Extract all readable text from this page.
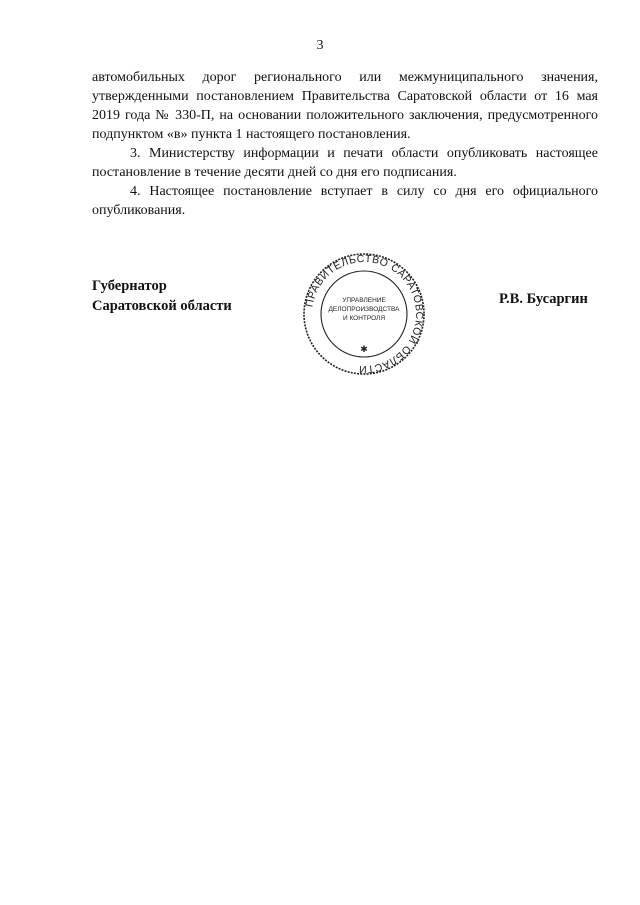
3

автомобильных дорог регионального или межмуниципального значения, утвержденными постановлением Правительства Саратовской области от 16 мая 2019 года № 330-П, на основании положительного заключения, предусмотренного подпунктом «в» пункта 1 настоящего постановления.

3. Министерству информации и печати области опубликовать настоящее постановление в течение десяти дней со дня его подписания.

4. Настоящее постановление вступает в силу со дня его официального опубликования.

Губернатор
Саратовской области	ПРАВИТЕЛЬСТВО САРАТОВСКОЙ ОБЛАСТИ
УПРАВЛЕНИЕ
ДЕЛОПРОИЗВОДСТВА
И КОНТРОЛЯ
✱
Р.В. Бусаргин
